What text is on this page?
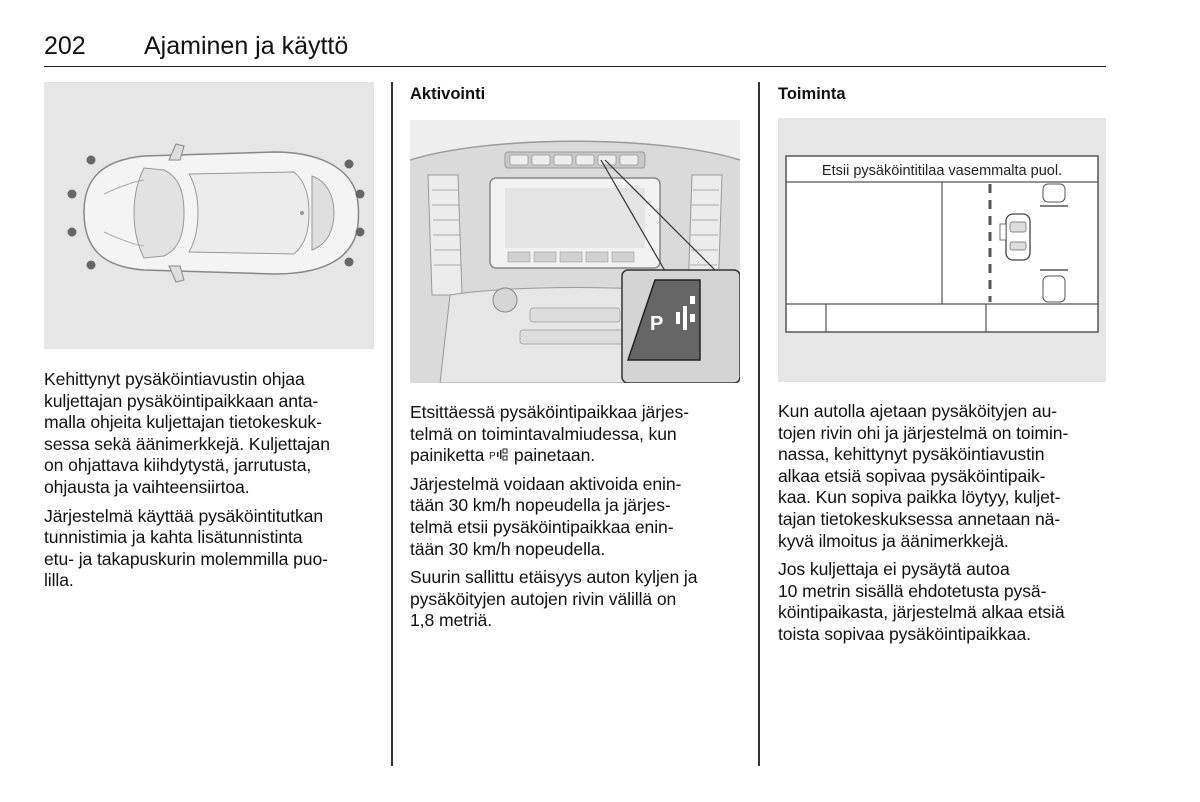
202 Ajaminen ja käyttö

Kehittynyt pysäköintiavustin ohjaa
kuljettajan pysäköintipaikkaan anta-
malla ohjeita kuljettajan tietokeskuk-
sessa sekä äänimerkkejä. Kuljettajan
on ohjattava kiihdytystä, jarrutusta,
ohjausta ja vaihteensiirtoa.

Järjestelmä käyttää pysäköintitutkan
tunnistimia ja kahta lisätunnistinta
etu- ja takapuskurin molemmilla puo-
lilla.

Aktivointi
P

Etsittäessä pysäköintipaikkaa järjes-
telmä on toimintavalmiudessa, kun
painiketta P painetaan.

Järjestelmä voidaan aktivoida enin-
tään 30 km/h nopeudella ja järjes-
telmä etsii pysäköintipaikkaa enin-
tään 30 km/h nopeudella.

Suurin sallittu etäisyys auton kyljen ja
pysäköityjen autojen rivin välillä on
1,8 metriä.

Toiminta
Etsii pysäköintitilaa vasemmalta puol.

Kun autolla ajetaan pysäköityjen au-
tojen rivin ohi ja järjestelmä on toimin-
nassa, kehittynyt pysäköintiavustin
alkaa etsiä sopivaa pysäköintipaik-
kaa. Kun sopiva paikka löytyy, kuljet-
tajan tietokeskuksessa annetaan nä-
kyvä ilmoitus ja äänimerkkejä.

Jos kuljettaja ei pysäytä autoa
10 metrin sisällä ehdotetusta pysä-
köintipaikasta, järjestelmä alkaa etsiä
toista sopivaa pysäköintipaikkaa.
